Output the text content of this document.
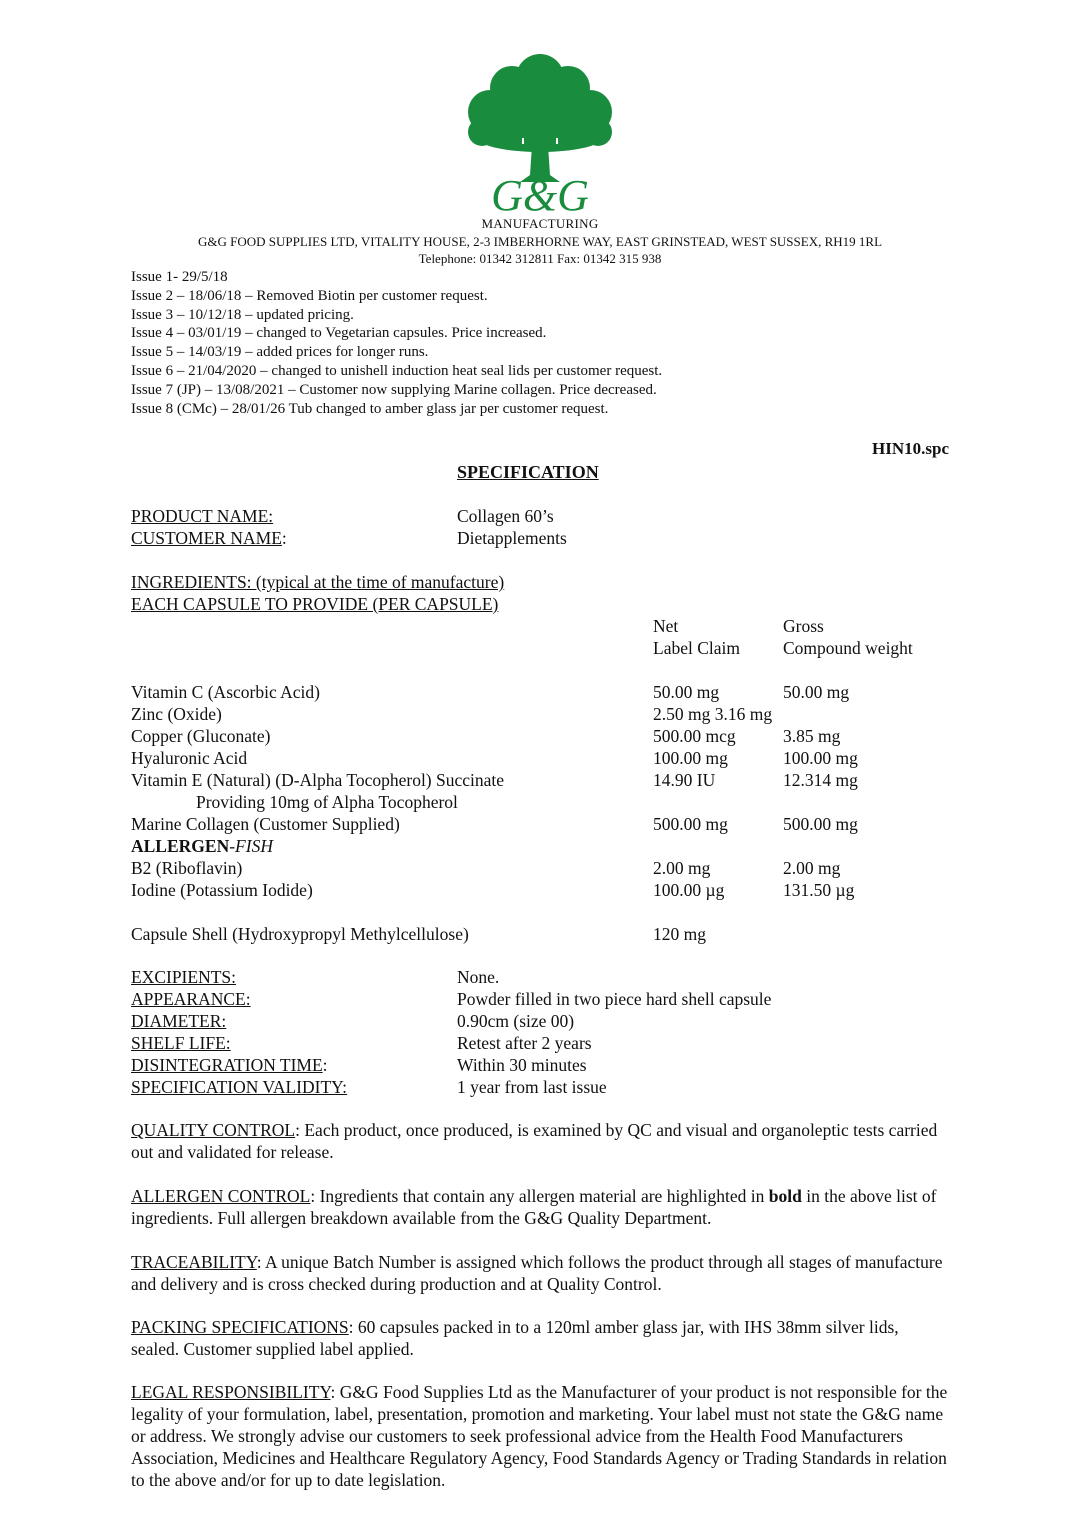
G&G
MANUFACTURING
G&G FOOD SUPPLIES LTD, VITALITY HOUSE, 2-3 IMBERHORNE WAY, EAST GRINSTEAD, WEST SUSSEX, RH19 1RL
Telephone: 01342 312811 Fax: 01342 315 938
Issue 1- 29/5/18
Issue 2 – 18/06/18 – Removed Biotin per customer request.
Issue 3 – 10/12/18 – updated pricing.
Issue 4 – 03/01/19 – changed to Vegetarian capsules. Price increased.
Issue 5 – 14/03/19 – added prices for longer runs.
Issue 6 – 21/04/2020 – changed to unishell induction heat seal lids per customer request.
Issue 7 (JP) – 13/08/2021 – Customer now supplying Marine collagen. Price decreased.
Issue 8 (CMc) – 28/01/26 Tub changed to amber glass jar per customer request.
HIN10.spc
SPECIFICATION
PRODUCT NAME:	Collagen 60’s
CUSTOMER NAME:	Dietapplements
INGREDIENTS: (typical at the time of manufacture)
EACH CAPSULE TO PROVIDE (PER CAPSULE)
Net	Gross
Label Claim Compound weight
Vitamin C (Ascorbic Acid)	50.00 mg	50.00 mg
Zinc (Oxide)	2.50 mg 3.16 mg
Copper (Gluconate)	500.00 mcg	3.85 mg
Hyaluronic Acid	100.00 mg	100.00 mg
Vitamin E (Natural) (D-Alpha Tocopherol) Succinate	14.90 IU	12.314 mg
Providing 10mg of Alpha Tocopherol
Marine Collagen (Customer Supplied)	500.00 mg	500.00 mg
ALLERGEN-FISH
B2 (Riboflavin)	2.00 mg	2.00 mg
Iodine (Potassium Iodide)	100.00 µg	131.50 µg
Capsule Shell (Hydroxypropyl Methylcellulose)	120 mg
EXCIPIENTS:	None.
APPEARANCE:	Powder filled in two piece hard shell capsule
DIAMETER:	0.90cm (size 00)
SHELF LIFE:	Retest after 2 years
DISINTEGRATION TIME:	Within 30 minutes
SPECIFICATION VALIDITY:	1 year from last issue
QUALITY CONTROL: Each product, once produced, is examined by QC and visual and organoleptic tests carried out and validated for release.
ALLERGEN CONTROL: Ingredients that contain any allergen material are highlighted in bold in the above list of ingredients. Full allergen breakdown available from the G&G Quality Department.
TRACEABILITY: A unique Batch Number is assigned which follows the product through all stages of manufacture and delivery and is cross checked during production and at Quality Control.
PACKING SPECIFICATIONS: 60 capsules packed in to a 120ml amber glass jar, with IHS 38mm silver lids, sealed. Customer supplied label applied.
LEGAL RESPONSIBILITY: G&G Food Supplies Ltd as the Manufacturer of your product is not responsible for the legality of your formulation, label, presentation, promotion and marketing. Your label must not state the G&G name or address. We strongly advise our customers to seek professional advice from the Health Food Manufacturers Association, Medicines and Healthcare Regulatory Agency, Food Standards Agency or Trading Standards in relation to the above and/or for up to date legislation.
